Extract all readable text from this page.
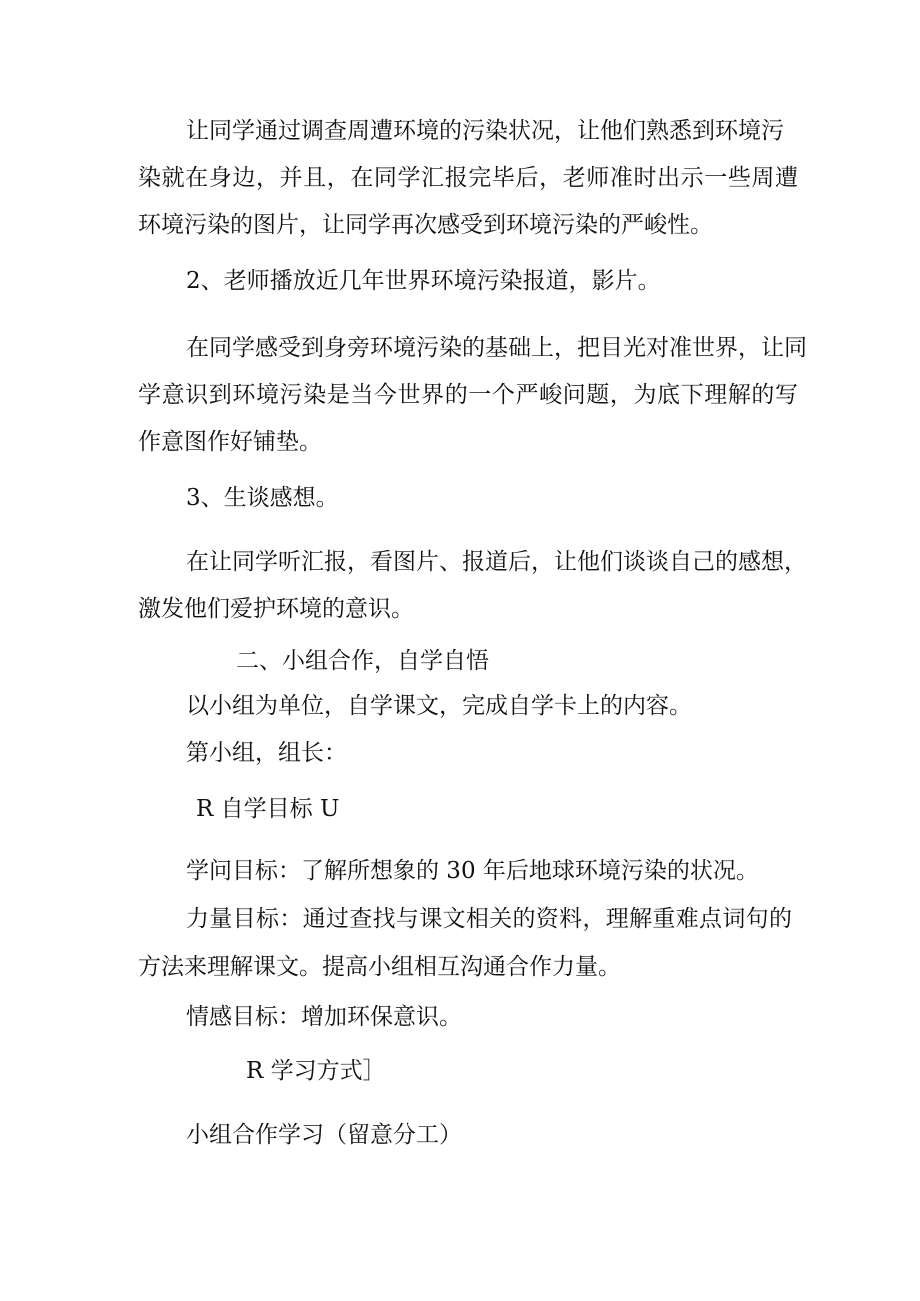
让同学通过调查周遭环境的污染状况，让他们熟悉到环境污

染就在身边，并且，在同学汇报完毕后，老师准时出示一些周遭

环境污染的图片，让同学再次感受到环境污染的严峻性。

2、老师播放近几年世界环境污染报道，影片。

在同学感受到身旁环境污染的基础上，把目光对准世界，让同

学意识到环境污染是当今世界的一个严峻问题，为底下理解的写

作意图作好铺垫。

3、生谈感想。

在让同学听汇报，看图片、报道后，让他们谈谈自己的感想，

激发他们爱护环境的意识。

二、小组合作，自学自悟

以小组为单位，自学课文，完成自学卡上的内容。

第小组，组长：

R 自学目标 U

学问目标：了解所想象的 30 年后地球环境污染的状况。

力量目标：通过查找与课文相关的资料，理解重难点词句的

方法来理解课文。提高小组相互沟通合作力量。

情感目标：增加环保意识。

R 学习方式］

小组合作学习（留意分工）
